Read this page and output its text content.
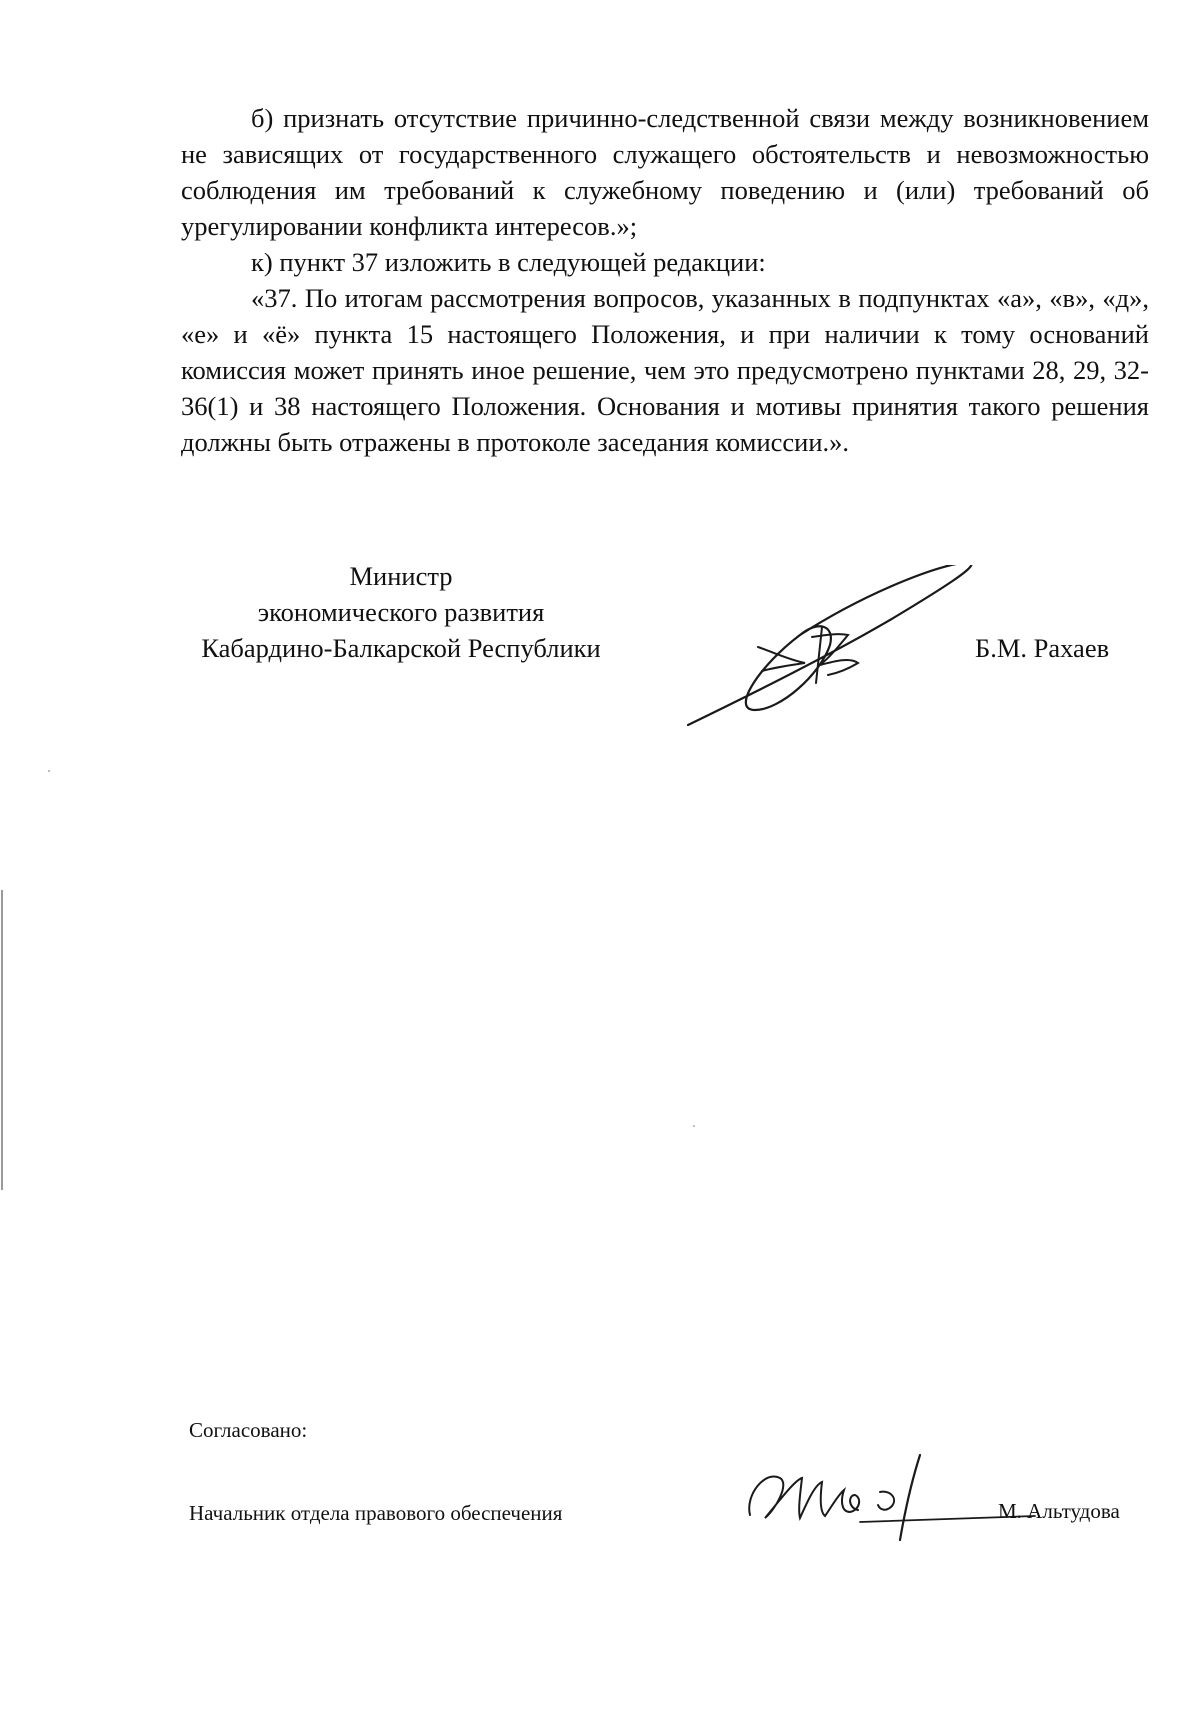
б) признать отсутствие причинно-следственной связи между возникновением не зависящих от государственного служащего обстоятельств и невозможностью соблюдения им требований к служебному поведению и (или) требований об урегулировании конфликта интересов.»;

к) пункт 37 изложить в следующей редакции:

«37. По итогам рассмотрения вопросов, указанных в подпунктах «а», «в», «д», «е» и «ё» пункта 15 настоящего Положения, и при наличии к тому оснований комиссия может принять иное решение, чем это предусмотрено пунктами 28, 29, 32-36(1) и 38 настоящего Положения. Основания и мотивы принятия такого решения должны быть отражены в протоколе заседания комиссии.».

Министр
экономического развития
Кабардино-Балкарской Республики	Б.М. Рахаев
Согласовано:
Начальник отдела правового обеспечения	М. Альтудова
